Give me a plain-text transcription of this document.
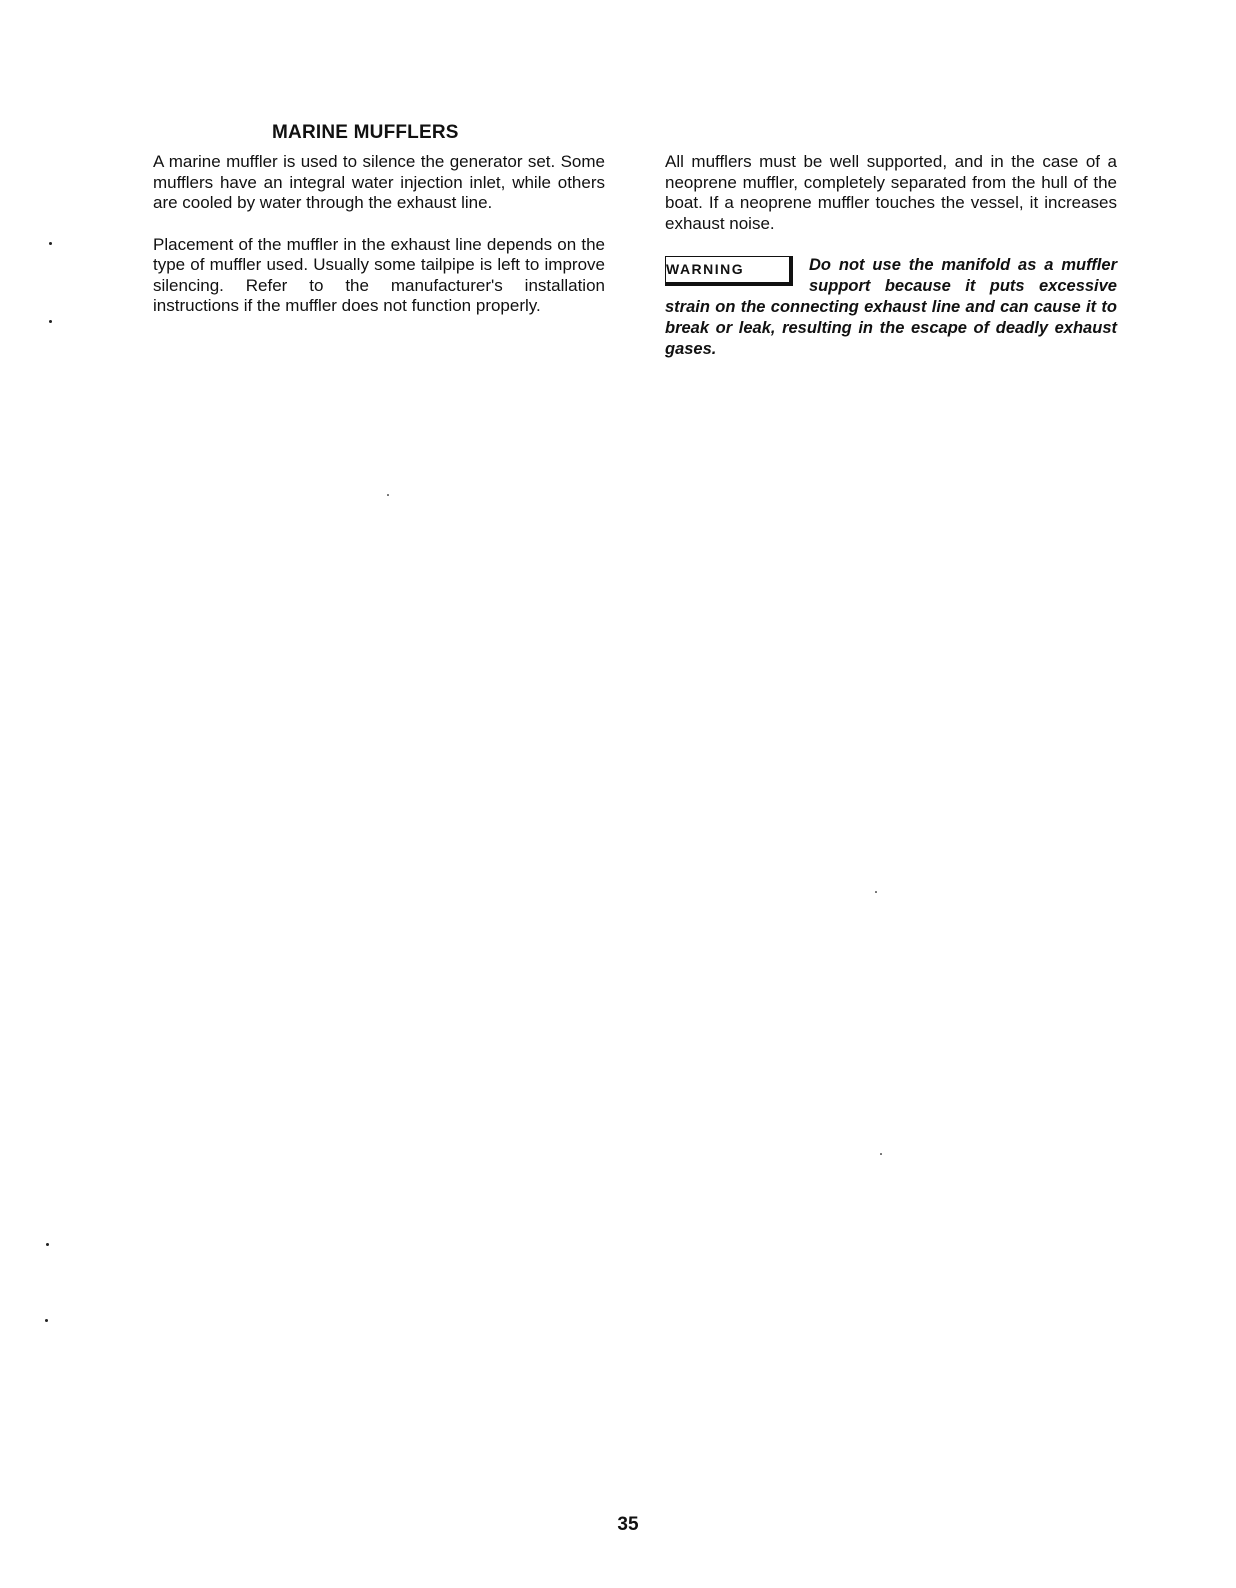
MARINE MUFFLERS

A marine muffler is used to silence the generator set. Some mufflers have an integral water injection inlet, while others are cooled by water through the exhaust line.

Placement of the muffler in the exhaust line depends on the type of muffler used. Usually some tailpipe is left to improve silencing. Refer to the manufacturer's installation instructions if the muffler does not function properly.

All mufflers must be well supported, and in the case of a neoprene muffler, completely separated from the hull of the boat. If a neoprene muffler touches the vessel, it increases exhaust noise.

WARNING	Do not use the manifold as a muffler support because it puts excessive strain on the connecting exhaust line and can cause it to break or leak, resulting in the escape of deadly exhaust gases.

35
